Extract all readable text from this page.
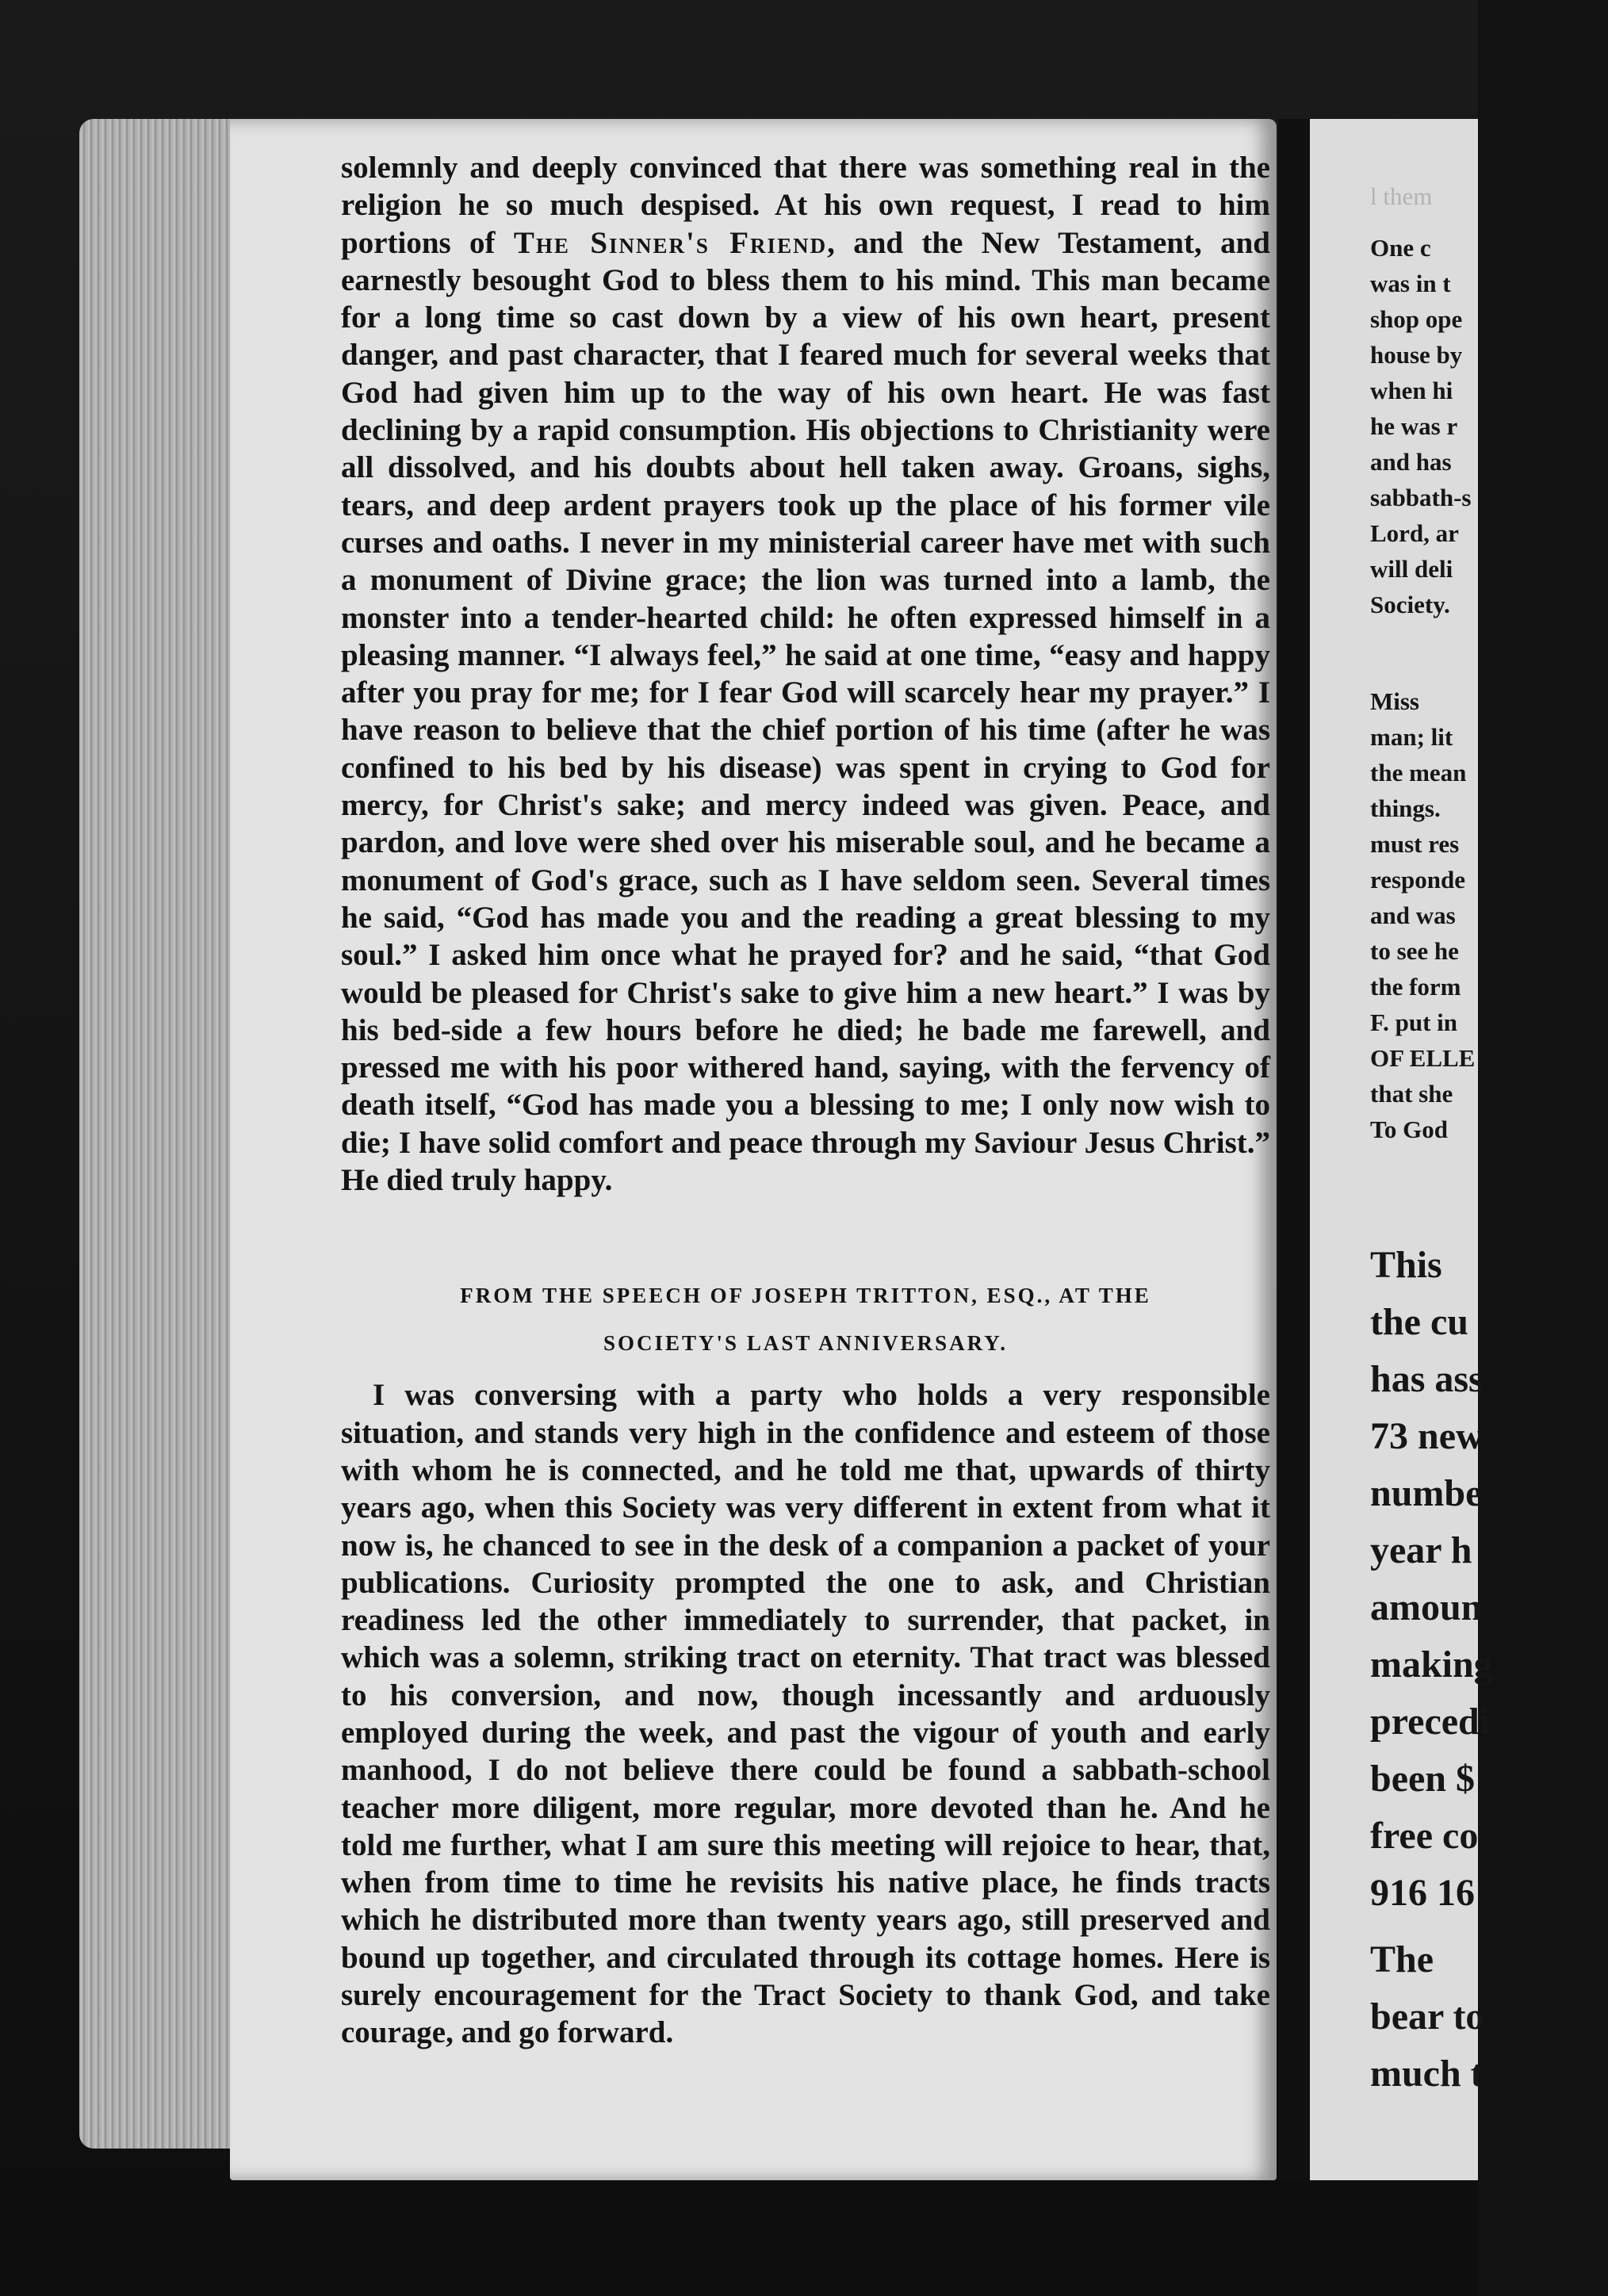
solemnly and deeply convinced that there was something real in the religion he so much despised. At his own request, I read to him portions of The Sinner's Friend, and the New Testament, and earnestly besought God to bless them to his mind. This man became for a long time so cast down by a view of his own heart, present danger, and past character, that I feared much for several weeks that God had given him up to the way of his own heart. He was fast declining by a rapid consumption. His objections to Christianity were all dissolved, and his doubts about hell taken away. Groans, sighs, tears, and deep ardent prayers took up the place of his former vile curses and oaths. I never in my ministerial career have met with such a monument of Divine grace; the lion was turned into a lamb, the monster into a tender-hearted child: he often expressed himself in a pleasing manner. “I always feel,” he said at one time, “easy and happy after you pray for me; for I fear God will scarcely hear my prayer.” I have reason to believe that the chief portion of his time (after he was confined to his bed by his disease) was spent in crying to God for mercy, for Christ's sake; and mercy indeed was given. Peace, and pardon, and love were shed over his miserable soul, and he became a monument of God's grace, such as I have seldom seen. Several times he said, “God has made you and the reading a great blessing to my soul.” I asked him once what he prayed for? and he said, “that God would be pleased for Christ's sake to give him a new heart.” I was by his bed-side a few hours before he died; he bade me farewell, and pressed me with his poor withered hand, saying, with the fervency of death itself, “God has made you a blessing to me; I only now wish to die; I have solid comfort and peace through my Saviour Jesus Christ.” He died truly happy.

FROM THE SPEECH OF JOSEPH TRITTON, ESQ., AT THE
SOCIETY'S LAST ANNIVERSARY.

I was conversing with a party who holds a very responsible situation, and stands very high in the confidence and esteem of those with whom he is connected, and he told me that, upwards of thirty years ago, when this Society was very different in extent from what it now is, he chanced to see in the desk of a companion a packet of your publications. Curiosity prompted the one to ask, and Christian readiness led the other immediately to surrender, that packet, in which was a solemn, striking tract on eternity. That tract was blessed to his conversion, and now, though incessantly and arduously employed during the week, and past the vigour of youth and early manhood, I do not believe there could be found a sabbath-school teacher more diligent, more regular, more devoted than he. And he told me further, what I am sure this meeting will rejoice to hear, that, when from time to time he revisits his native place, he finds tracts which he distributed more than twenty years ago, still preserved and bound up together, and circulated through its cottage homes. Here is surely encouragement for the Tract Society to thank God, and take courage, and go forward.

l them
One c
was in t
shop ope
house by
when hi
he was r
and has
sabbath-s
Lord, ar
will deli
Society.
Miss
man; lit
the mean
things.
must res
responde
and was
to see he
the form
F. put in
OF ELLE
that she
To God
This
the cu
has ass
73 new
numbe
year h
amoun
making
precedi
been $
free co
916 16
The
bear to
much t
